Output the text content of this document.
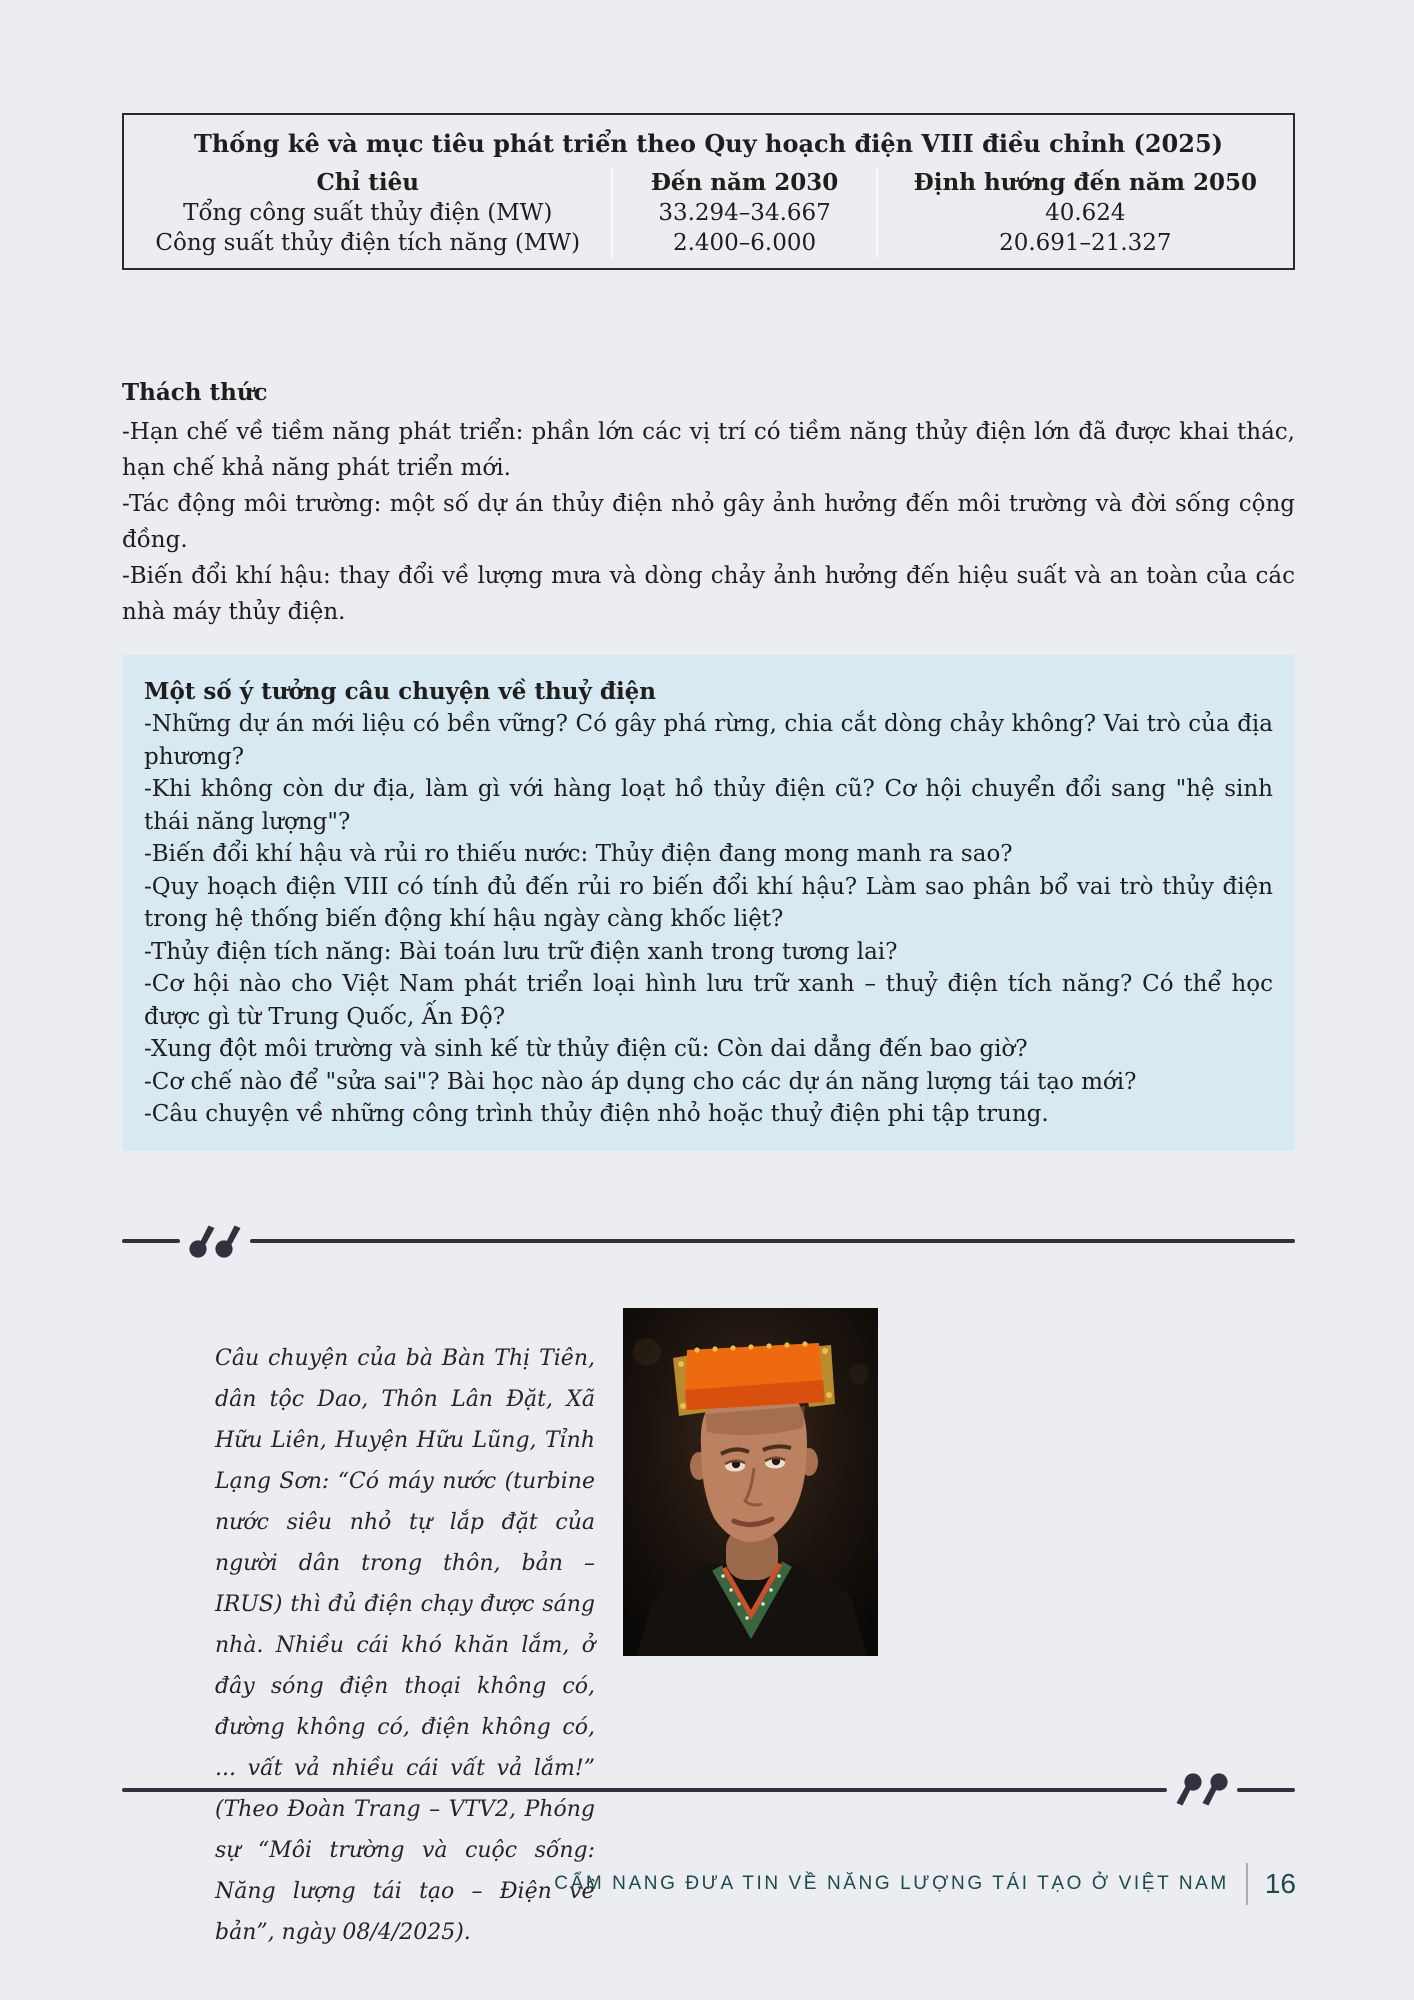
Thống kê và mục tiêu phát triển theo Quy hoạch điện VIII điều chỉnh (2025)
Chỉ tiêu	Đến năm 2030	Định hướng đến năm 2050
Tổng công suất thủy điện (MW)	33.294–34.667	40.624
Công suất thủy điện tích năng (MW)	2.400–6.000	20.691–21.327

Thách thức

-Hạn chế về tiềm năng phát triển: phần lớn các vị trí có tiềm năng thủy điện lớn đã được khai thác, hạn chế khả năng phát triển mới.

-Tác động môi trường: một số dự án thủy điện nhỏ gây ảnh hưởng đến môi trường và đời sống cộng đồng.

-Biến đổi khí hậu: thay đổi về lượng mưa và dòng chảy ảnh hưởng đến hiệu suất và an toàn của các nhà máy thủy điện.

Một số ý tưởng câu chuyện về thuỷ điện

-Những dự án mới liệu có bền vững? Có gây phá rừng, chia cắt dòng chảy không? Vai trò của địa phương?

-Khi không còn dư địa, làm gì với hàng loạt hồ thủy điện cũ? Cơ hội chuyển đổi sang "hệ sinh thái năng lượng"?

-Biến đổi khí hậu và rủi ro thiếu nước: Thủy điện đang mong manh ra sao?

-Quy hoạch điện VIII có tính đủ đến rủi ro biến đổi khí hậu? Làm sao phân bổ vai trò thủy điện trong hệ thống biến động khí hậu ngày càng khốc liệt?

-Thủy điện tích năng: Bài toán lưu trữ điện xanh trong tương lai?

-Cơ hội nào cho Việt Nam phát triển loại hình lưu trữ xanh – thuỷ điện tích năng? Có thể học được gì từ Trung Quốc, Ấn Độ?

-Xung đột môi trường và sinh kế từ thủy điện cũ: Còn dai dẳng đến bao giờ?

-Cơ chế nào để "sửa sai"? Bài học nào áp dụng cho các dự án năng lượng tái tạo mới?

-Câu chuyện về những công trình thủy điện nhỏ hoặc thuỷ điện phi tập trung.

Câu chuyện của bà Bàn Thị Tiên, dân tộc Dao, Thôn Lân Đặt, Xã Hữu Liên, Huyện Hữu Lũng, Tỉnh Lạng Sơn: “Có máy nước (turbine nước siêu nhỏ tự lắp đặt của người dân trong thôn, bản – IRUS) thì đủ điện chạy được sáng nhà. Nhiều cái khó khăn lắm, ở đây sóng điện thoại không có, đường không có, điện không có, ... vất vả nhiều cái vất vả lắm!” (Theo Đoàn Trang – VTV2, Phóng sự “Môi trường và cuộc sống: Năng lượng tái tạo – Điện về bản”, ngày 08/4/2025).

CẨM NANG ĐƯA TIN VỀ NĂNG LƯỢNG TÁI TẠO Ở VIỆT NAM 16
